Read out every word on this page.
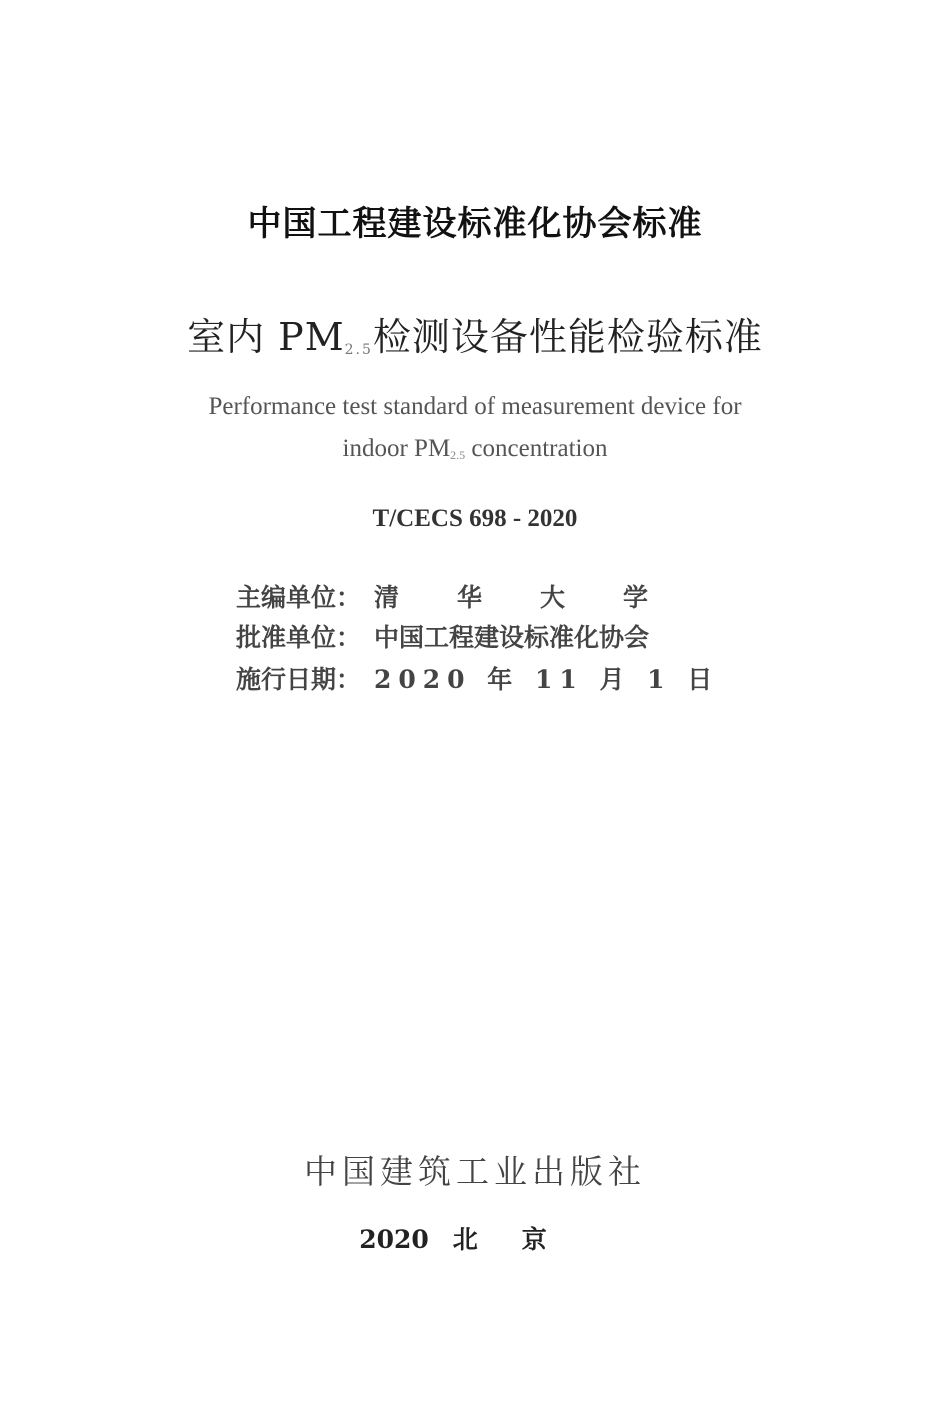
中国工程建设标准化协会标准
室内 $PM_{2.5}$检测设备性能检验标准
Performance test standard of measurement device for
indoor $PM_{2.5}$ concentration
T/CECS 698 - 2020
主编单位： 清华大学
批准单位： 中国工程建设标准化协会
施行日期： 2020 年 11 月 1 日
中国建筑工业出版社
2020 北京
